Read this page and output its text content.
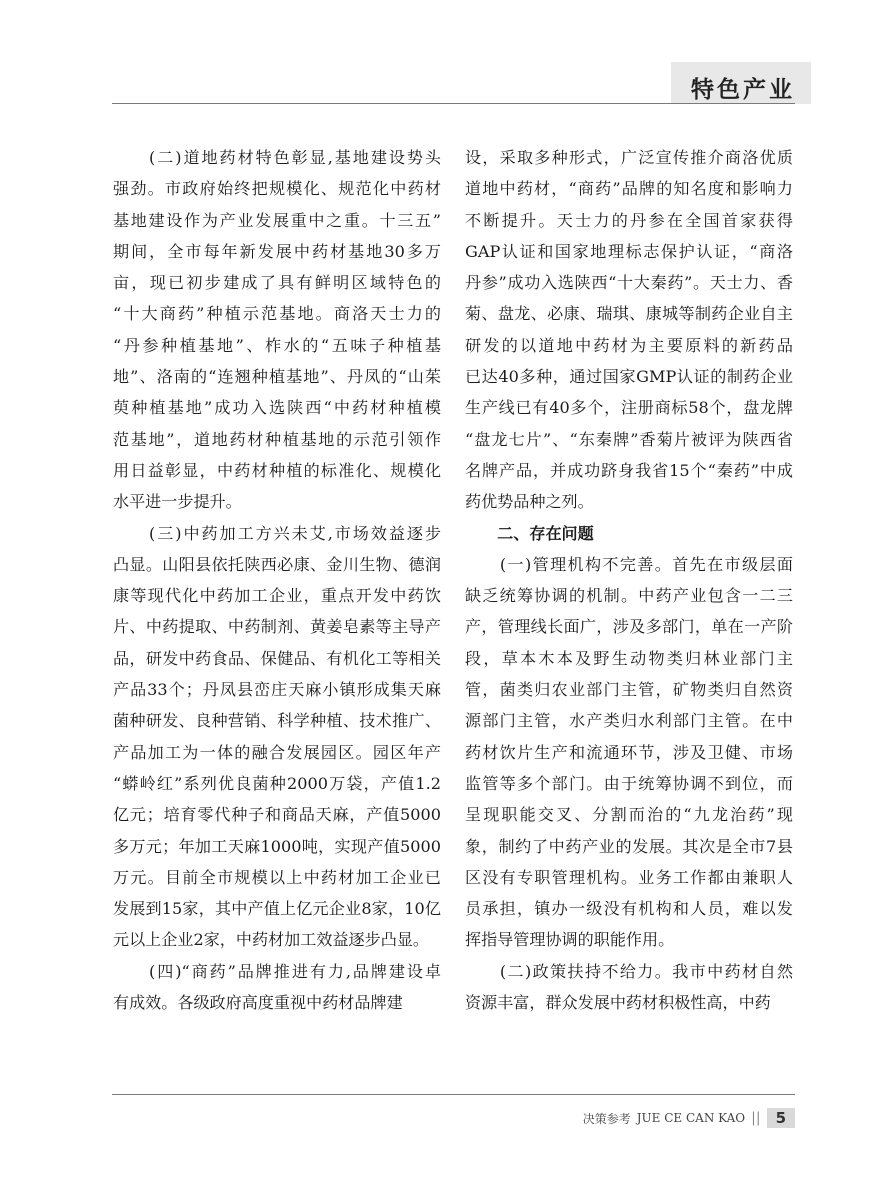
特色产业
　　(二)道地药材特色彰显,基地建设势头
强劲。市政府始终把规模化、规范化中药材
基地建设作为产业发展重中之重。十三五”
期间，全市每年新发展中药材基地30多万
亩，现已初步建成了具有鲜明区域特色的
“十大商药”种植示范基地。商洛天士力的
“丹参种植基地”、柞水的“五味子种植基
地”、洛南的“连翘种植基地”、丹凤的“山茱
萸种植基地”成功入选陕西“中药材种植模
范基地”，道地药材种植基地的示范引领作
用日益彰显，中药材种植的标准化、规模化
水平进一步提升。
　　(三)中药加工方兴未艾,市场效益逐步
凸显。山阳县依托陕西必康、金川生物、德润
康等现代化中药加工企业，重点开发中药饮
片、中药提取、中药制剂、黄姜皂素等主导产
品，研发中药食品、保健品、有机化工等相关
产品33个；丹凤县峦庄天麻小镇形成集天麻
菌种研发、良种营销、科学种植、技术推广、
产品加工为一体的融合发展园区。园区年产
“蟒岭红”系列优良菌种2000万袋，产值1.2
亿元；培育零代种子和商品天麻，产值5000
多万元；年加工天麻1000吨，实现产值5000
万元。目前全市规模以上中药材加工企业已
发展到15家，其中产值上亿元企业8家，10亿
元以上企业2家，中药材加工效益逐步凸显。
　　(四)“商药”品牌推进有力,品牌建设卓
有成效。各级政府高度重视中药材品牌建
设，采取多种形式，广泛宣传推介商洛优质
道地中药材，“商药”品牌的知名度和影响力
不断提升。天士力的丹参在全国首家获得
GAP认证和国家地理标志保护认证，“商洛
丹参”成功入选陕西“十大秦药”。天士力、香
菊、盘龙、必康、瑞琪、康城等制药企业自主
研发的以道地中药材为主要原料的新药品
已达40多种，通过国家GMP认证的制药企业
生产线已有40多个，注册商标58个，盘龙牌
“盘龙七片”、“东秦牌”香菊片被评为陕西省
名牌产品，并成功跻身我省15个“秦药”中成
药优势品种之列。
　　二、存在问题
　　(一)管理机构不完善。首先在市级层面
缺乏统筹协调的机制。中药产业包含一二三
产，管理线长面广，涉及多部门，单在一产阶
段，草本木本及野生动物类归林业部门主
管，菌类归农业部门主管，矿物类归自然资
源部门主管，水产类归水利部门主管。在中
药材饮片生产和流通环节，涉及卫健、市场
监管等多个部门。由于统筹协调不到位，而
呈现职能交叉、分割而治的“九龙治药”现
象，制约了中药产业的发展。其次是全市7县
区没有专职管理机构。业务工作都由兼职人
员承担，镇办一级没有机构和人员，难以发
挥指导管理协调的职能作用。
　　(二)政策扶持不给力。我市中药材自然
资源丰富，群众发展中药材积极性高，中药
决策参考 JUE CE CAN KAO ||	5
